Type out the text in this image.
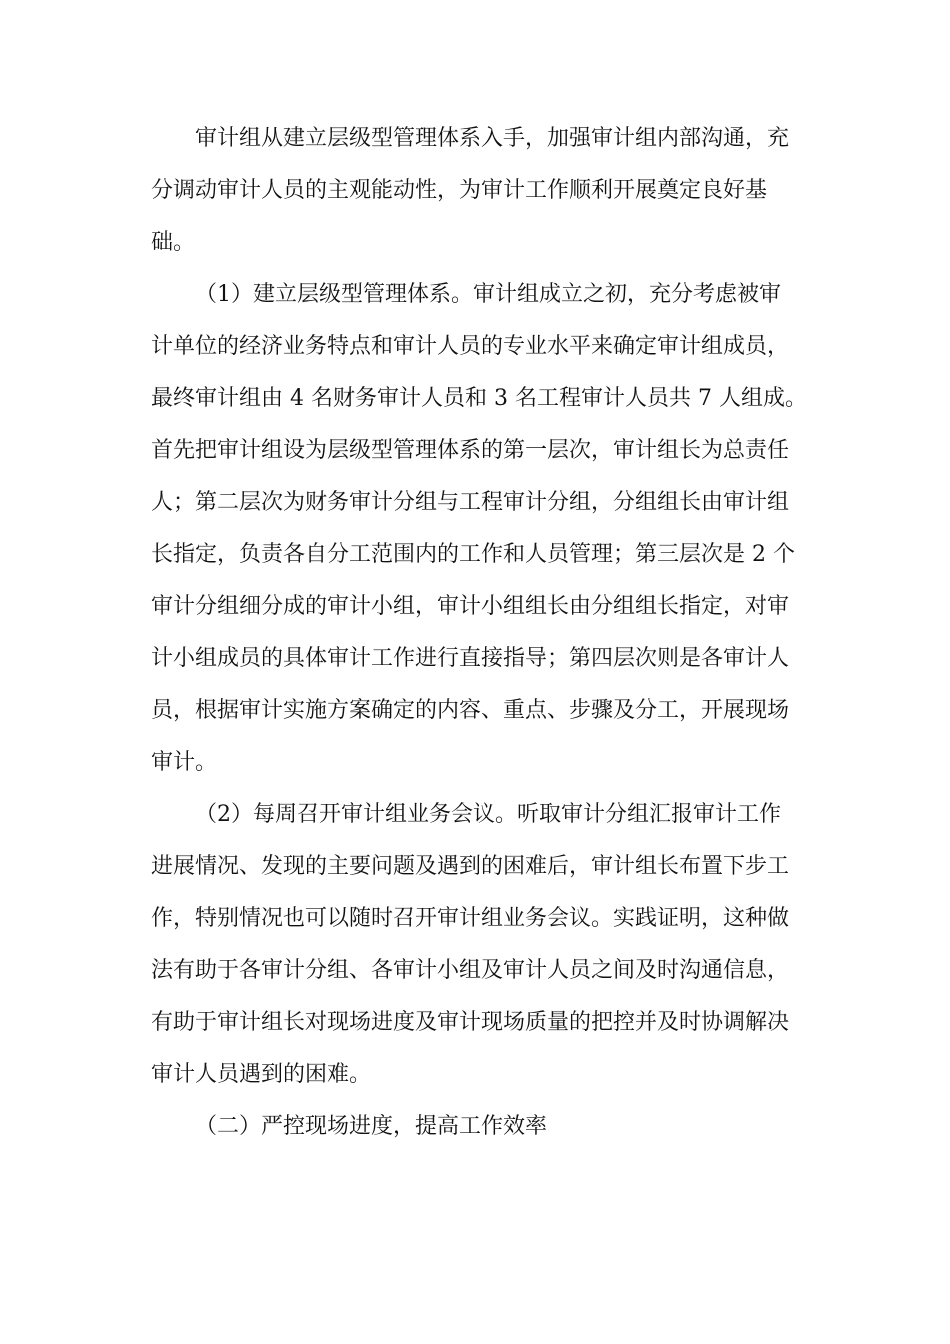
审计组从建立层级型管理体系入手，加强审计组内部沟通，充
分调动审计人员的主观能动性，为审计工作顺利开展奠定良好基
础。
（1）建立层级型管理体系。审计组成立之初，充分考虑被审
计单位的经济业务特点和审计人员的专业水平来确定审计组成员，
最终审计组由 4 名财务审计人员和 3 名工程审计人员共 7 人组成。
首先把审计组设为层级型管理体系的第一层次，审计组长为总责任
人；第二层次为财务审计分组与工程审计分组，分组组长由审计组
长指定，负责各自分工范围内的工作和人员管理；第三层次是 2 个
审计分组细分成的审计小组，审计小组组长由分组组长指定，对审
计小组成员的具体审计工作进行直接指导；第四层次则是各审计人
员，根据审计实施方案确定的内容、重点、步骤及分工，开展现场
审计。
（2）每周召开审计组业务会议。听取审计分组汇报审计工作
进展情况、发现的主要问题及遇到的困难后，审计组长布置下步工
作，特别情况也可以随时召开审计组业务会议。实践证明，这种做
法有助于各审计分组、各审计小组及审计人员之间及时沟通信息，
有助于审计组长对现场进度及审计现场质量的把控并及时协调解决
审计人员遇到的困难。
（二）严控现场进度，提高工作效率
